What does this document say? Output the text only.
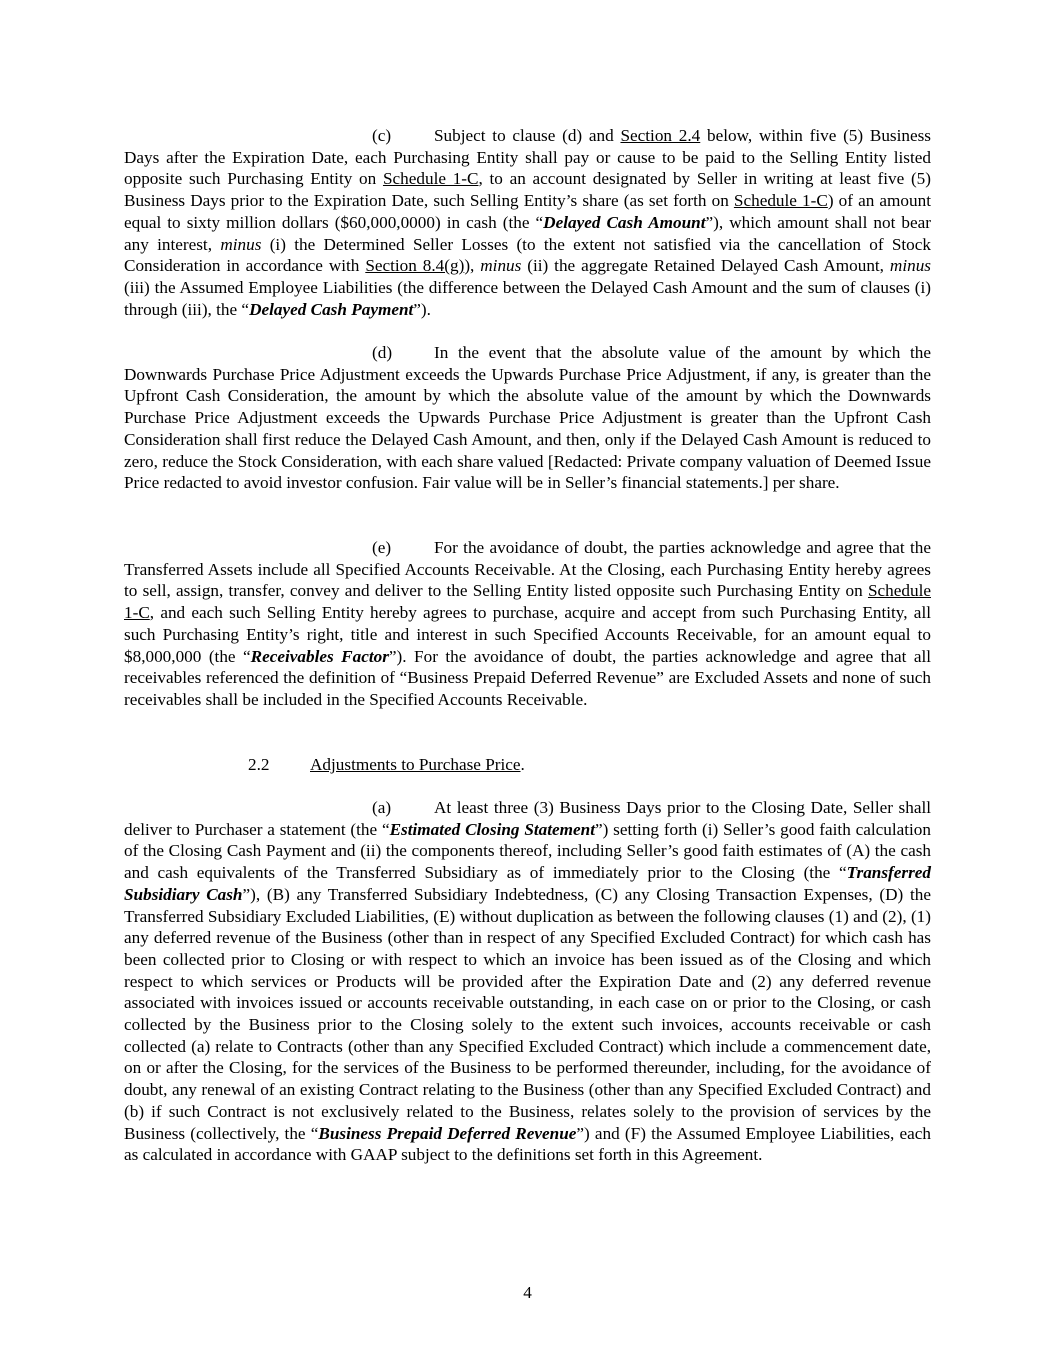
(c) Subject to clause (d) and Section 2.4 below, within five (5) Business Days after the Expiration Date, each Purchasing Entity shall pay or cause to be paid to the Selling Entity listed opposite such Purchasing Entity on Schedule 1-C, to an account designated by Seller in writing at least five (5) Business Days prior to the Expiration Date, such Selling Entity’s share (as set forth on Schedule 1-C) of an amount equal to sixty million dollars ($60,000,0000) in cash (the “Delayed Cash Amount”), which amount shall not bear any interest, minus (i) the Determined Seller Losses (to the extent not satisfied via the cancellation of Stock Consideration in accordance with Section 8.4(g)), minus (ii) the aggregate Retained Delayed Cash Amount, minus (iii) the Assumed Employee Liabilities (the difference between the Delayed Cash Amount and the sum of clauses (i) through (iii), the “Delayed Cash Payment”).

(d) In the event that the absolute value of the amount by which the Downwards Purchase Price Adjustment exceeds the Upwards Purchase Price Adjustment, if any, is greater than the Upfront Cash Consideration, the amount by which the absolute value of the amount by which the Downwards Purchase Price Adjustment exceeds the Upwards Purchase Price Adjustment is greater than the Upfront Cash Consideration shall first reduce the Delayed Cash Amount, and then, only if the Delayed Cash Amount is reduced to zero, reduce the Stock Consideration, with each share valued [Redacted: Private company valuation of Deemed Issue Price redacted to avoid investor confusion. Fair value will be in Seller’s financial statements.] per share.

(e) For the avoidance of doubt, the parties acknowledge and agree that the Transferred Assets include all Specified Accounts Receivable. At the Closing, each Purchasing Entity hereby agrees to sell, assign, transfer, convey and deliver to the Selling Entity listed opposite such Purchasing Entity on Schedule 1-C, and each such Selling Entity hereby agrees to purchase, acquire and accept from such Purchasing Entity, all such Purchasing Entity’s right, title and interest in such Specified Accounts Receivable, for an amount equal to $8,000,000 (the “Receivables Factor”). For the avoidance of doubt, the parties acknowledge and agree that all receivables referenced the definition of “Business Prepaid Deferred Revenue” are Excluded Assets and none of such receivables shall be included in the Specified Accounts Receivable.

2.2 Adjustments to Purchase Price.

(a) At least three (3) Business Days prior to the Closing Date, Seller shall deliver to Purchaser a statement (the “Estimated Closing Statement”) setting forth (i) Seller’s good faith calculation of the Closing Cash Payment and (ii) the components thereof, including Seller’s good faith estimates of (A) the cash and cash equivalents of the Transferred Subsidiary as of immediately prior to the Closing (the “Transferred Subsidiary Cash”), (B) any Transferred Subsidiary Indebtedness, (C) any Closing Transaction Expenses, (D) the Transferred Subsidiary Excluded Liabilities, (E) without duplication as between the following clauses (1) and (2), (1) any deferred revenue of the Business (other than in respect of any Specified Excluded Contract) for which cash has been collected prior to Closing or with respect to which an invoice has been issued as of the Closing and which respect to which services or Products will be provided after the Expiration Date and (2) any deferred revenue associated with invoices issued or accounts receivable outstanding, in each case on or prior to the Closing, or cash collected by the Business prior to the Closing solely to the extent such invoices, accounts receivable or cash collected (a) relate to Contracts (other than any Specified Excluded Contract) which include a commencement date, on or after the Closing, for the services of the Business to be performed thereunder, including, for the avoidance of doubt, any renewal of an existing Contract relating to the Business (other than any Specified Excluded Contract) and (b) if such Contract is not exclusively related to the Business, relates solely to the provision of services by the Business (collectively, the “Business Prepaid Deferred Revenue”) and (F) the Assumed Employee Liabilities, each as calculated in accordance with GAAP subject to the definitions set forth in this Agreement.

4
